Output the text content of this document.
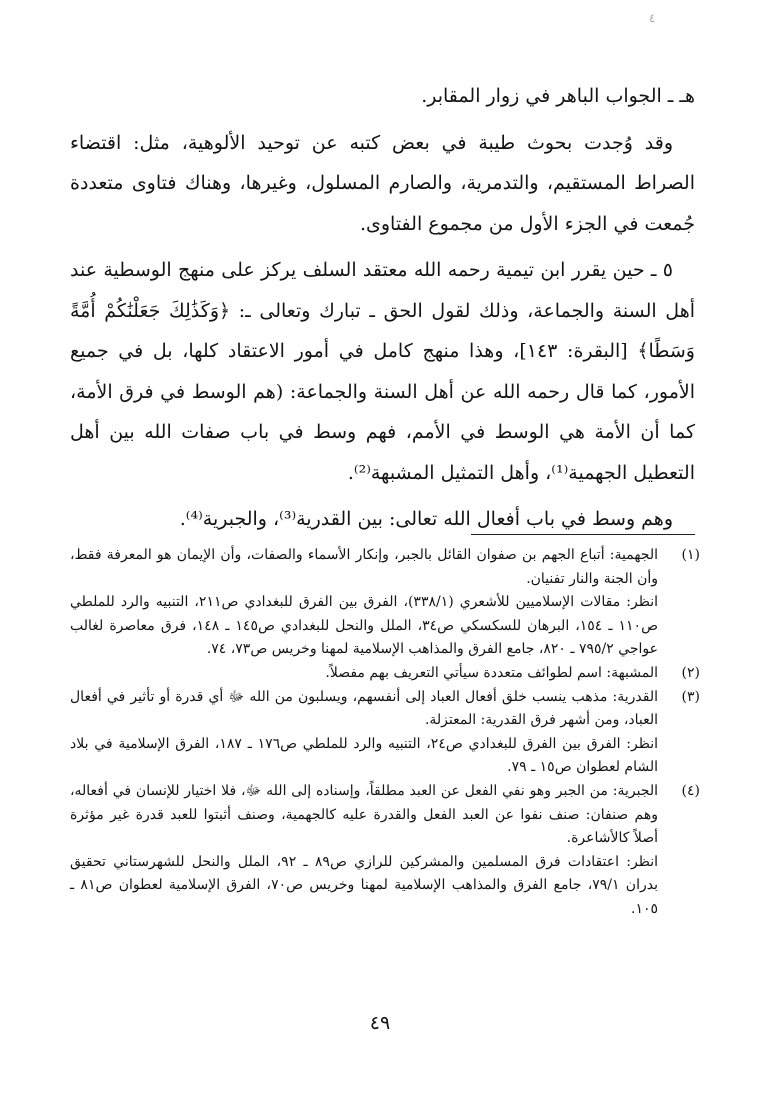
٤

هـ ـ الجواب الباهر في زوار المقابر.

وقد وُجدت بحوث طيبة في بعض كتبه عن توحيد الألوهية، مثل: اقتضاء الصراط المستقيم، والتدمرية، والصارم المسلول، وغيرها، وهناك فتاوى متعددة جُمعت في الجزء الأول من مجموع الفتاوى.

٥ ـ حين يقرر ابن تيمية رحمه الله معتقد السلف يركز على منهج الوسطية عند أهل السنة والجماعة، وذلك لقول الحق ـ تبارك وتعالى ـ: ﴿وَكَذَٰلِكَ جَعَلْنَٰكُمْ أُمَّةً وَسَطًا﴾ [البقرة: ١٤٣]، وهذا منهج كامل في أمور الاعتقاد كلها، بل في جميع الأمور، كما قال رحمه الله عن أهل السنة والجماعة: (هم الوسط في فرق الأمة، كما أن الأمة هي الوسط في الأمم، فهم وسط في باب صفات الله بين أهل التعطيل الجهمية⁽¹⁾، وأهل التمثيل المشبهة⁽²⁾.

وهم وسط في باب أفعال الله تعالى: بين القدرية⁽³⁾، والجبرية⁽⁴⁾.

(١)

الجهمية: أتباع الجهم بن صفوان القائل بالجبر، وإنكار الأسماء والصفات، وأن الإيمان هو المعرفة فقط، وأن الجنة والنار تفنيان.

انظر: مقالات الإسلاميين للأشعري (٣٣٨/١)، الفرق بين الفرق للبغدادي ص٢١١، التنبيه والرد للملطي ص١١٠ ـ ١٥٤، البرهان للسكسكي ص٣٤، الملل والنحل للبغدادي ص١٤٥ ـ ١٤٨، فرق معاصرة لغالب عواجي ٧٩٥/٢ ـ ٨٢٠، جامع الفرق والمذاهب الإسلامية لمهنا وخريس ص٧٣، ٧٤.

(٢)

المشبهة: اسم لطوائف متعددة سيأتي التعريف بهم مفصلاً.

(٣)

القدرية: مذهب ينسب خلق أفعال العباد إلى أنفسهم، ويسلبون من الله ﷻ أي قدرة أو تأثير في أفعال العباد، ومن أشهر فرق القدرية: المعتزلة.

انظر: الفرق بين الفرق للبغدادي ص٢٤، التنبيه والرد للملطي ص١٧٦ ـ ١٨٧، الفرق الإسلامية في بلاد الشام لعطوان ص١٥ ـ ٧٩.

(٤)

الجبرية: من الجبر وهو نفي الفعل عن العبد مطلقاً، وإسناده إلى الله ﷻ، فلا اختيار للإنسان في أفعاله، وهم صنفان: صنف نفوا عن العبد الفعل والقدرة عليه كالجهمية، وصنف أثبتوا للعبد قدرة غير مؤثرة أصلاً كالأشاعرة.

انظر: اعتقادات فرق المسلمين والمشركين للرازي ص٨٩ ـ ٩٢، الملل والنحل للشهرستاني تحقيق بدران ٧٩/١، جامع الفرق والمذاهب الإسلامية لمهنا وخريس ص٧٠، الفرق الإسلامية لعطوان ص٨١ ـ ١٠٥.

٤٩
